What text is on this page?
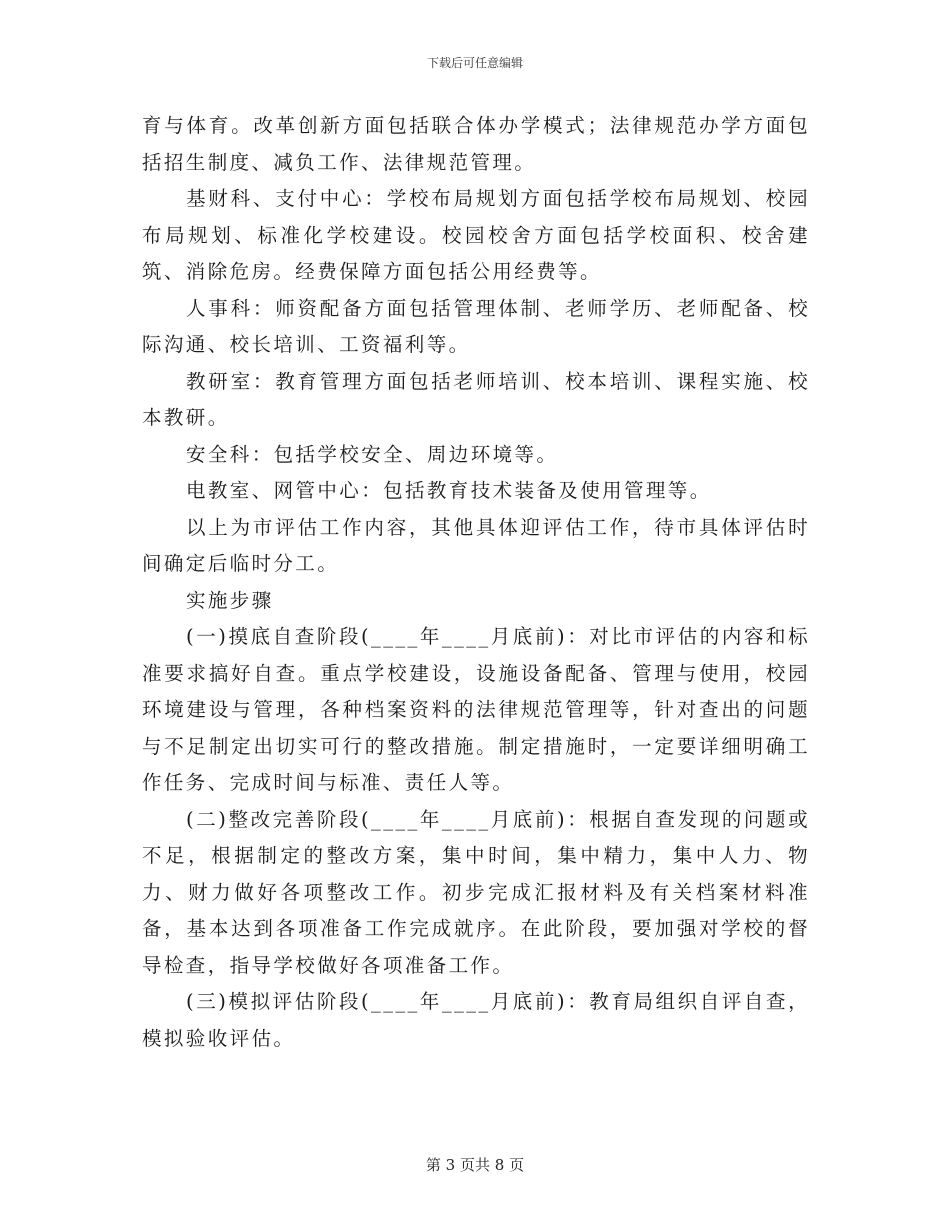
下载后可任意编辑

育与体育。改革创新方面包括联合体办学模式；法律规范办学方面包括招生制度、减负工作、法律规范管理。

基财科、支付中心：学校布局规划方面包括学校布局规划、校园布局规划、标准化学校建设。校园校舍方面包括学校面积、校舍建筑、消除危房。经费保障方面包括公用经费等。

人事科：师资配备方面包括管理体制、老师学历、老师配备、校际沟通、校长培训、工资福利等。

教研室：教育管理方面包括老师培训、校本培训、课程实施、校本教研。

安全科：包括学校安全、周边环境等。

电教室、网管中心：包括教育技术装备及使用管理等。

以上为市评估工作内容，其他具体迎评估工作，待市具体评估时间确定后临时分工。

实施步骤

(一)摸底自查阶段(____年____月底前)：对比市评估的内容和标准要求搞好自查。重点学校建设，设施设备配备、管理与使用，校园环境建设与管理，各种档案资料的法律规范管理等，针对查出的问题与不足制定出切实可行的整改措施。制定措施时，一定要详细明确工作任务、完成时间与标准、责任人等。

(二)整改完善阶段(____年____月底前)：根据自查发现的问题或不足，根据制定的整改方案，集中时间，集中精力，集中人力、物力、财力做好各项整改工作。初步完成汇报材料及有关档案材料准备，基本达到各项准备工作完成就序。在此阶段，要加强对学校的督导检查，指导学校做好各项准备工作。

(三)模拟评估阶段(____年____月底前)：教育局组织自评自查，模拟验收评估。

第 3 页共 8 页
